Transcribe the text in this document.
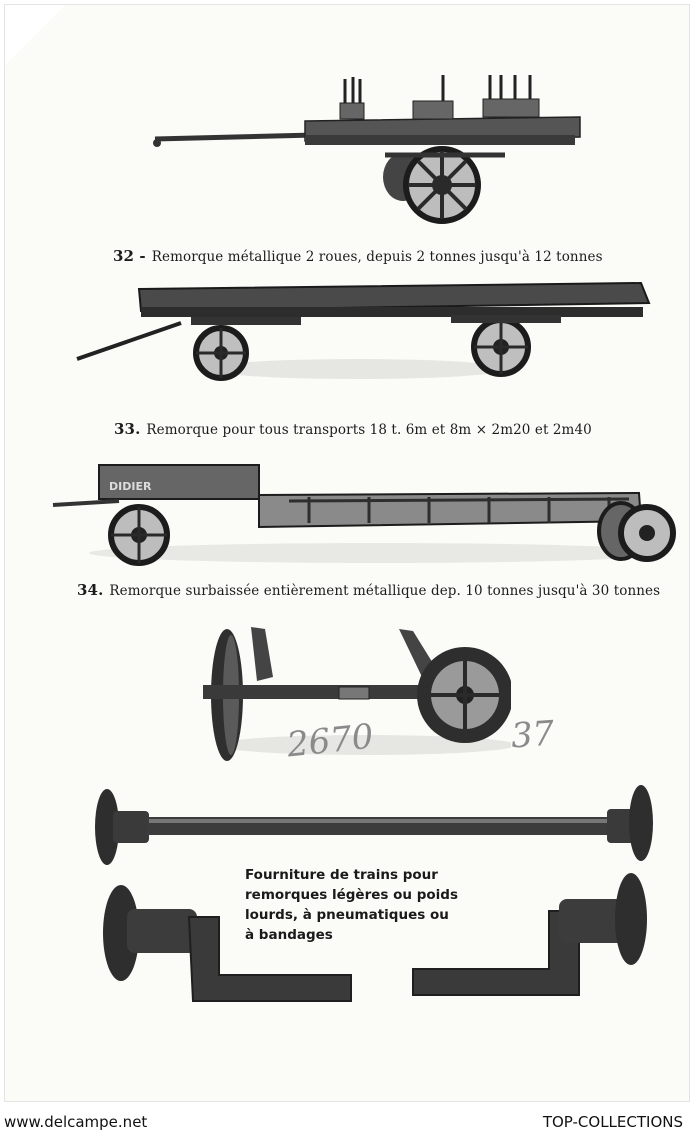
32 - Remorque métallique 2 roues, depuis 2 tonnes jusqu'à 12 tonnes
33. Remorque pour tous transports 18 t. 6m et 8m × 2m20 et 2m40
DIDIER
34. Remorque surbaissée entièrement métallique dep. 10 tonnes jusqu'à 30 tonnes
2670	37
Fourniture de trains pour
remorques légères ou poids
lourds, à pneumatiques ou
à bandages
www.delcampe.net	TOP-COLLECTIONS
